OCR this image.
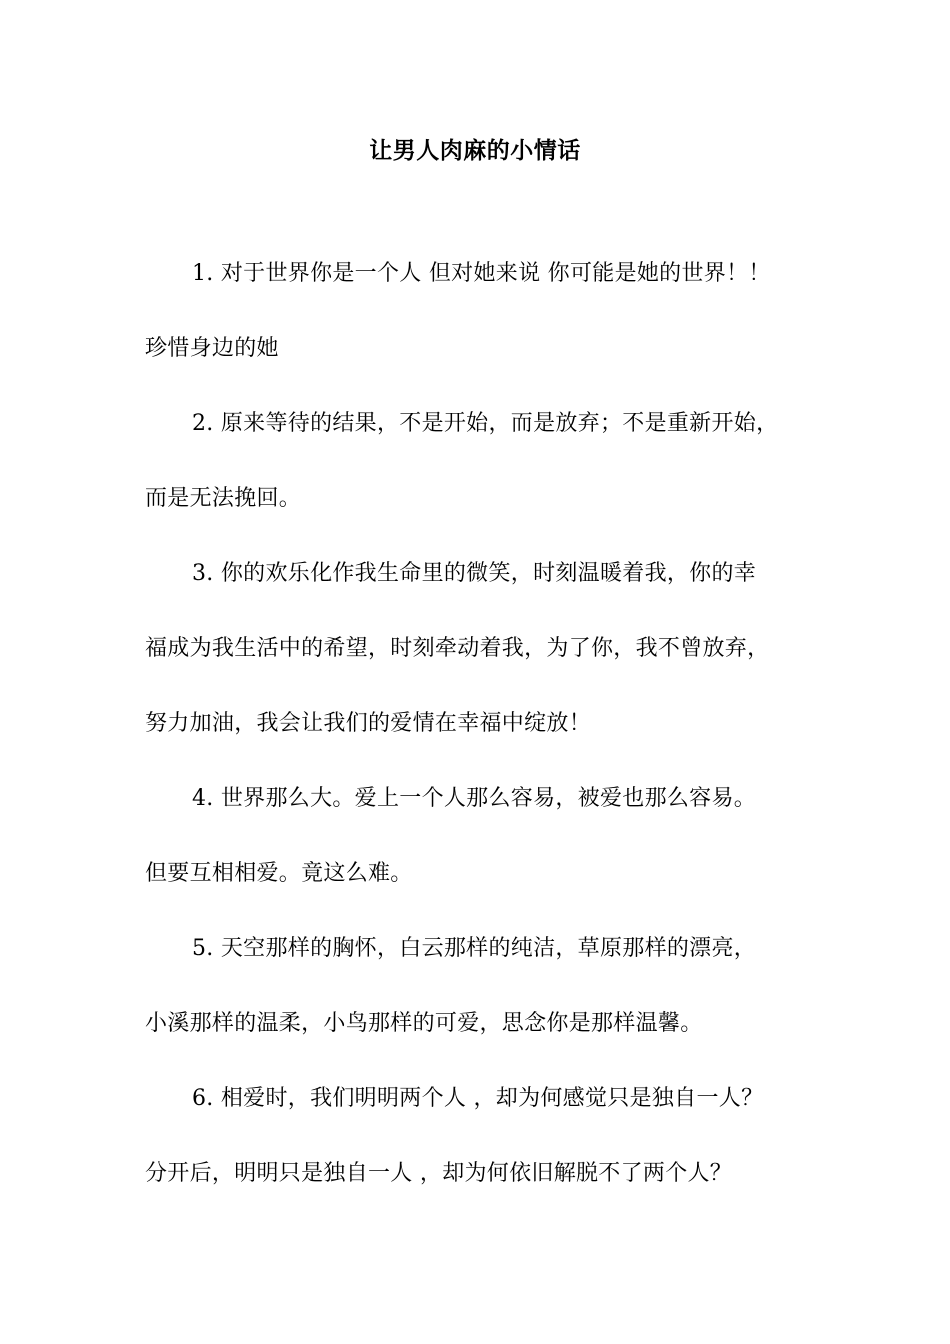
让男人肉麻的小情话
1. 对于世界你是一个人 但对她来说 你可能是她的世界！！
珍惜身边的她
2. 原来等待的结果，不是开始，而是放弃；不是重新开始，
而是无法挽回。
3. 你的欢乐化作我生命里的微笑，时刻温暖着我，你的幸
福成为我生活中的希望，时刻牵动着我，为了你，我不曾放弃，
努力加油，我会让我们的爱情在幸福中绽放！
4. 世界那么大。爱上一个人那么容易，被爱也那么容易。
但要互相相爱。竟这么难。
5. 天空那样的胸怀，白云那样的纯洁，草原那样的漂亮，
小溪那样的温柔，小鸟那样的可爱，思念你是那样温馨。
6. 相爱时，我们明明两个人 ，却为何感觉只是独自一人？
分开后，明明只是独自一人 ，却为何依旧解脱不了两个人？
